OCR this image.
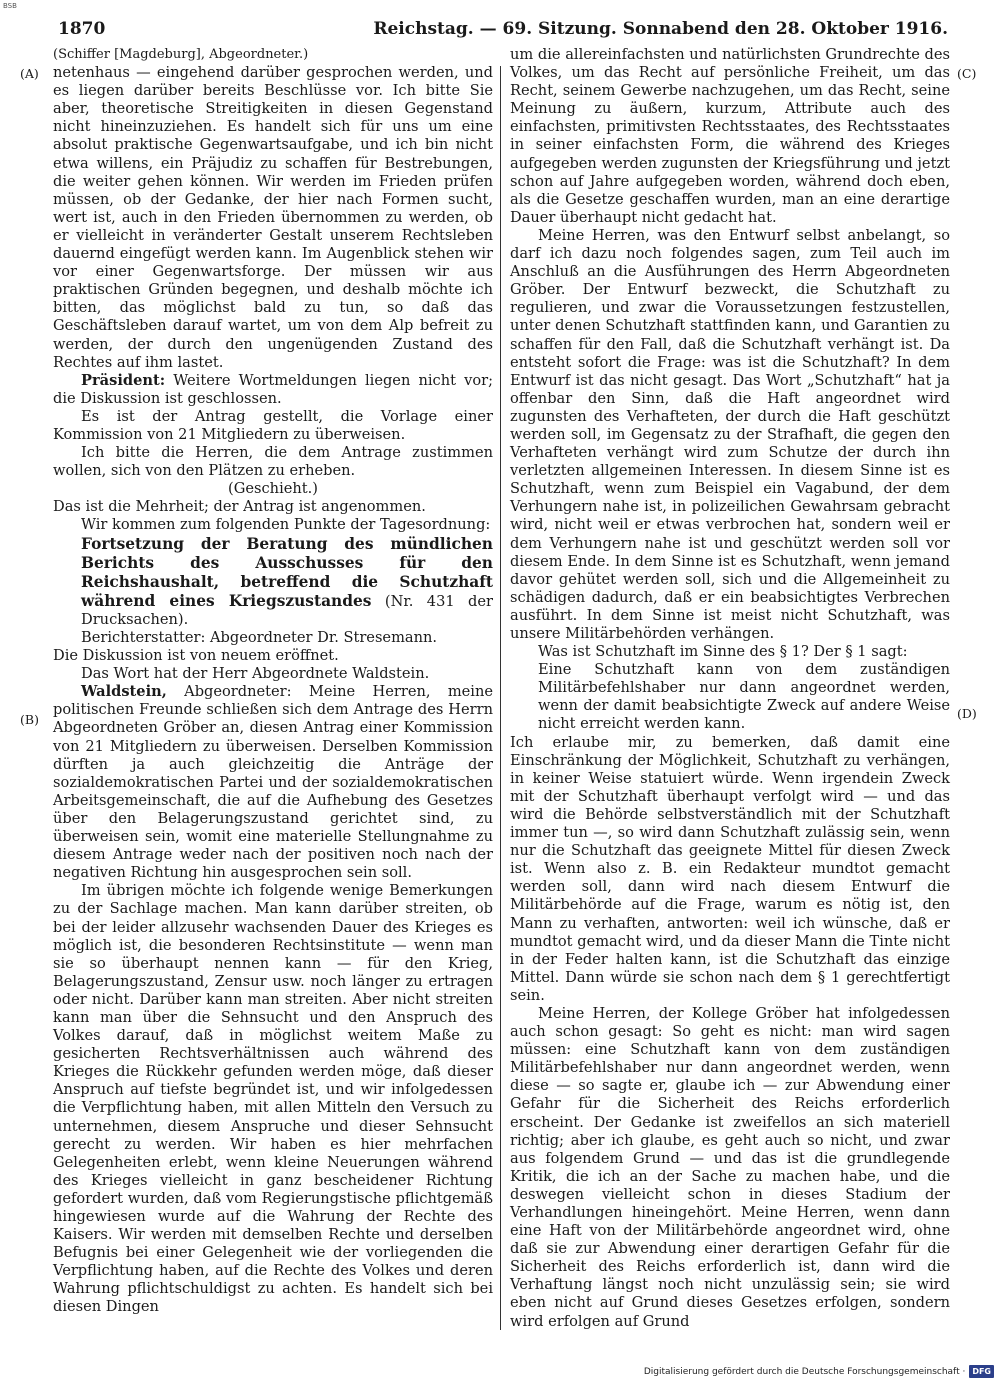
BSB
1870	Reichstag. — 69. Sitzung. Sonnabend den 28. Oktober 1916.
(A)
(B)
(C)
(D)

(Schiffer [Magdeburg], Abgeordneter.)

netenhaus — eingehend darüber gesprochen werden, und es liegen darüber bereits Beschlüsse vor. Ich bitte Sie aber, theoretische Streitigkeiten in diesen Gegenstand nicht hineinzuziehen. Es handelt sich für uns um eine absolut praktische Gegenwartsaufgabe, und ich bin nicht etwa willens, ein Präjudiz zu schaffen für Bestrebungen, die weiter gehen können. Wir werden im Frieden prüfen müssen, ob der Gedanke, der hier nach Formen sucht, wert ist, auch in den Frieden übernommen zu werden, ob er vielleicht in veränderter Gestalt unserem Rechtsleben dauernd eingefügt werden kann. Im Augenblick stehen wir vor einer Gegenwartsforge. Der müssen wir aus praktischen Gründen begegnen, und deshalb möchte ich bitten, das möglichst bald zu tun, so daß das Geschäftsleben darauf wartet, um von dem Alp befreit zu werden, der durch den ungenügenden Zustand des Rechtes auf ihm lastet.

Präsident: Weitere Wortmeldungen liegen nicht vor; die Diskussion ist geschlossen.

Es ist der Antrag gestellt, die Vorlage einer Kommission von 21 Mitgliedern zu überweisen.

Ich bitte die Herren, die dem Antrage zustimmen wollen, sich von den Plätzen zu erheben.

(Geschieht.)

Das ist die Mehrheit; der Antrag ist angenommen.

Wir kommen zum folgenden Punkte der Tagesordnung:

Fortsetzung der Beratung des mündlichen Berichts des Ausschusses für den Reichshaushalt, betreffend die Schutzhaft während eines Kriegszustandes (Nr. 431 der Drucksachen).

Berichterstatter: Abgeordneter Dr. Stresemann.

Die Diskussion ist von neuem eröffnet.

Das Wort hat der Herr Abgeordnete Waldstein.

Waldstein, Abgeordneter: Meine Herren, meine politischen Freunde schließen sich dem Antrage des Herrn Abgeordneten Gröber an, diesen Antrag einer Kommission von 21 Mitgliedern zu überweisen. Derselben Kommission dürften ja auch gleichzeitig die Anträge der sozialdemokratischen Partei und der sozialdemokratischen Arbeitsgemeinschaft, die auf die Aufhebung des Gesetzes über den Belagerungszustand gerichtet sind, zu überweisen sein, womit eine materielle Stellungnahme zu diesem Antrage weder nach der positiven noch nach der negativen Richtung hin ausgesprochen sein soll.

Im übrigen möchte ich folgende wenige Bemerkungen zu der Sachlage machen. Man kann darüber streiten, ob bei der leider allzusehr wachsenden Dauer des Krieges es möglich ist, die besonderen Rechtsinstitute — wenn man sie so überhaupt nennen kann — für den Krieg, Belagerungszustand, Zensur usw. noch länger zu ertragen oder nicht. Darüber kann man streiten. Aber nicht streiten kann man über die Sehnsucht und den Anspruch des Volkes darauf, daß in möglichst weitem Maße zu gesicherten Rechtsverhältnissen auch während des Krieges die Rückkehr gefunden werden möge, daß dieser Anspruch auf tiefste begründet ist, und wir infolgedessen die Verpflichtung haben, mit allen Mitteln den Versuch zu unternehmen, diesem Anspruche und dieser Sehnsucht gerecht zu werden. Wir haben es hier mehrfachen Gelegenheiten erlebt, wenn kleine Neuerungen während des Krieges vielleicht in ganz bescheidener Richtung gefordert wurden, daß vom Regierungstische pflichtgemäß hingewiesen wurde auf die Wahrung der Rechte des Kaisers. Wir werden mit demselben Rechte und derselben Befugnis bei einer Gelegenheit wie der vorliegenden die Verpflichtung haben, auf die Rechte des Volkes und deren Wahrung pflichtschuldigst zu achten. Es handelt sich bei diesen Dingen

um die allereinfachsten und natürlichsten Grundrechte des Volkes, um das Recht auf persönliche Freiheit, um das Recht, seinem Gewerbe nachzugehen, um das Recht, seine Meinung zu äußern, kurzum, Attribute auch des einfachsten, primitivsten Rechtsstaates, des Rechtsstaates in seiner einfachsten Form, die während des Krieges aufgegeben werden zugunsten der Kriegsführung und jetzt schon auf Jahre aufgegeben worden, während doch eben, als die Gesetze geschaffen wurden, man an eine derartige Dauer überhaupt nicht gedacht hat.

Meine Herren, was den Entwurf selbst anbelangt, so darf ich dazu noch folgendes sagen, zum Teil auch im Anschluß an die Ausführungen des Herrn Abgeordneten Gröber. Der Entwurf bezweckt, die Schutzhaft zu regulieren, und zwar die Voraussetzungen festzustellen, unter denen Schutzhaft stattfinden kann, und Garantien zu schaffen für den Fall, daß die Schutzhaft verhängt ist. Da entsteht sofort die Frage: was ist die Schutzhaft? In dem Entwurf ist das nicht gesagt. Das Wort „Schutzhaft“ hat ja offenbar den Sinn, daß die Haft angeordnet wird zugunsten des Verhafteten, der durch die Haft geschützt werden soll, im Gegensatz zu der Strafhaft, die gegen den Verhafteten verhängt wird zum Schutze der durch ihn verletzten allgemeinen Interessen. In diesem Sinne ist es Schutzhaft, wenn zum Beispiel ein Vagabund, der dem Verhungern nahe ist, in polizeilichen Gewahrsam gebracht wird, nicht weil er etwas verbrochen hat, sondern weil er dem Verhungern nahe ist und geschützt werden soll vor diesem Ende. In dem Sinne ist es Schutzhaft, wenn jemand davor gehütet werden soll, sich und die Allgemeinheit zu schädigen dadurch, daß er ein beabsichtigtes Verbrechen ausführt. In dem Sinne ist meist nicht Schutzhaft, was unsere Militärbehörden verhängen.

Was ist Schutzhaft im Sinne des § 1? Der § 1 sagt:

Eine Schutzhaft kann von dem zuständigen Militärbefehlshaber nur dann angeordnet werden, wenn der damit beabsichtigte Zweck auf andere Weise nicht erreicht werden kann.

Ich erlaube mir, zu bemerken, daß damit eine Einschränkung der Möglichkeit, Schutzhaft zu verhängen, in keiner Weise statuiert würde. Wenn irgendein Zweck mit der Schutzhaft überhaupt verfolgt wird — und das wird die Behörde selbstverständlich mit der Schutzhaft immer tun —, so wird dann Schutzhaft zulässig sein, wenn nur die Schutzhaft das geeignete Mittel für diesen Zweck ist. Wenn also z. B. ein Redakteur mundtot gemacht werden soll, dann wird nach diesem Entwurf die Militärbehörde auf die Frage, warum es nötig ist, den Mann zu verhaften, antworten: weil ich wünsche, daß er mundtot gemacht wird, und da dieser Mann die Tinte nicht in der Feder halten kann, ist die Schutzhaft das einzige Mittel. Dann würde sie schon nach dem § 1 gerechtfertigt sein.

Meine Herren, der Kollege Gröber hat infolgedessen auch schon gesagt: So geht es nicht: man wird sagen müssen: eine Schutzhaft kann von dem zuständigen Militärbefehlshaber nur dann angeordnet werden, wenn diese — so sagte er, glaube ich — zur Abwendung einer Gefahr für die Sicherheit des Reichs erforderlich erscheint. Der Gedanke ist zweifellos an sich materiell richtig; aber ich glaube, es geht auch so nicht, und zwar aus folgendem Grund — und das ist die grundlegende Kritik, die ich an der Sache zu machen habe, und die deswegen vielleicht schon in dieses Stadium der Verhandlungen hineingehört. Meine Herren, wenn dann eine Haft von der Militärbehörde angeordnet wird, ohne daß sie zur Abwendung einer derartigen Gefahr für die Sicherheit des Reichs erforderlich ist, dann wird die Verhaftung längst noch nicht unzulässig sein; sie wird eben nicht auf Grund dieses Gesetzes erfolgen, sondern wird erfolgen auf Grund

Digitalisierung gefördert durch die Deutsche Forschungsgemeinschaft · DFG
